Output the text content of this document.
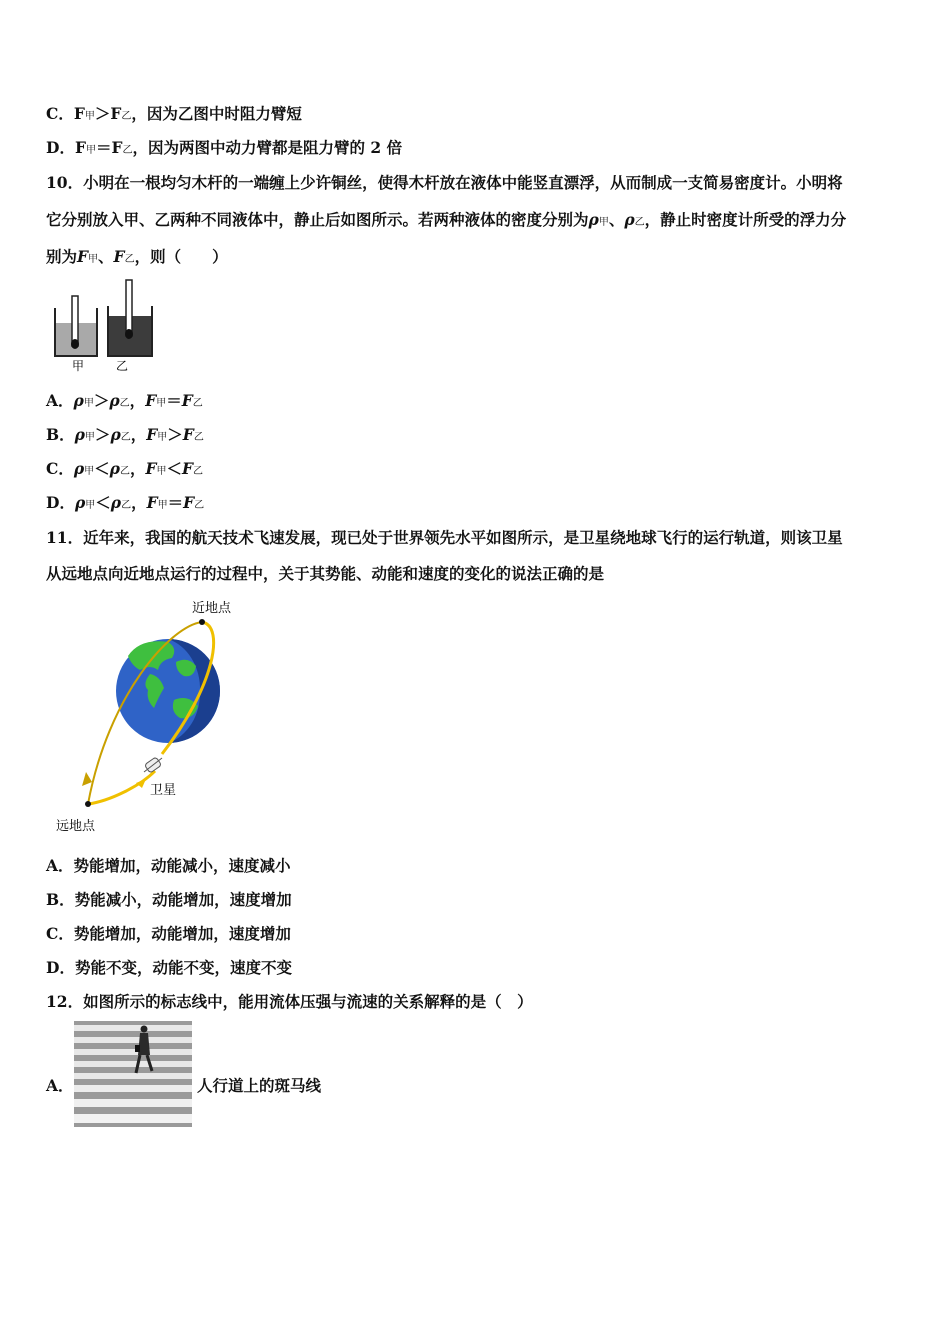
C．F甲＞F乙，因为乙图中时阻力臂短
D．F甲＝F乙，因为两图中动力臂都是阻力臂的 2 倍
10．小明在一根均匀木杆的一端缠上少许铜丝，使得木杆放在液体中能竖直漂浮，从而制成一支简易密度计。小明将
它分别放入甲、乙两种不同液体中，静止后如图所示。若两种液体的密度分别为ρ甲、ρ乙，静止时密度计所受的浮力分
别为F甲、F乙，则（　　）
甲	乙
A．ρ甲＞ρ乙，F甲＝F乙
B．ρ甲＞ρ乙，F甲＞F乙
C．ρ甲＜ρ乙，F甲＜F乙
D．ρ甲＜ρ乙，F甲＝F乙
11．近年来，我国的航天技术飞速发展，现已处于世界领先水平如图所示，是卫星绕地球飞行的运行轨道，则该卫星
从远地点向近地点运行的过程中，关于其势能、动能和速度的变化的说法正确的是
近地点
卫星
远地点
A．势能增加，动能减小，速度减小
B．势能减小，动能增加，速度增加
C．势能增加，动能增加，速度增加
D．势能不变，动能不变，速度不变
12．如图所示的标志线中，能用流体压强与流速的关系解释的是（　）
A．	人行道上的斑马线
